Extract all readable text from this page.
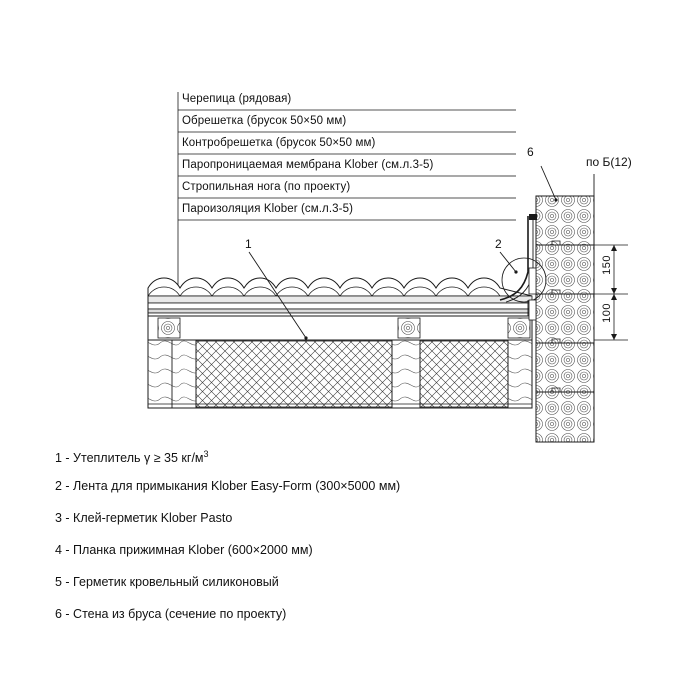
Черепица (рядовая)
Обрешетка (брусок 50×50 мм)
Контробрешетка (брусок 50×50 мм)
Паропроницаемая мембрана Klober (см.л.3-5)
Стропильная нога (по проекту)
Пароизоляция Klober (см.л.3-5)
1	2
6
по Б(12)
150
100
1 - Утеплитель γ ≥ 35 $кг/м^3$
2 - Лента для примыкания Klober Easy-Form (300×5000 мм)
3 - Клей-герметик Klober Pasto
4 - Планка прижимная Klober (600×2000 мм)
5 - Герметик кровельный силиконовый
6 - Стена из бруса (сечение по проекту)
